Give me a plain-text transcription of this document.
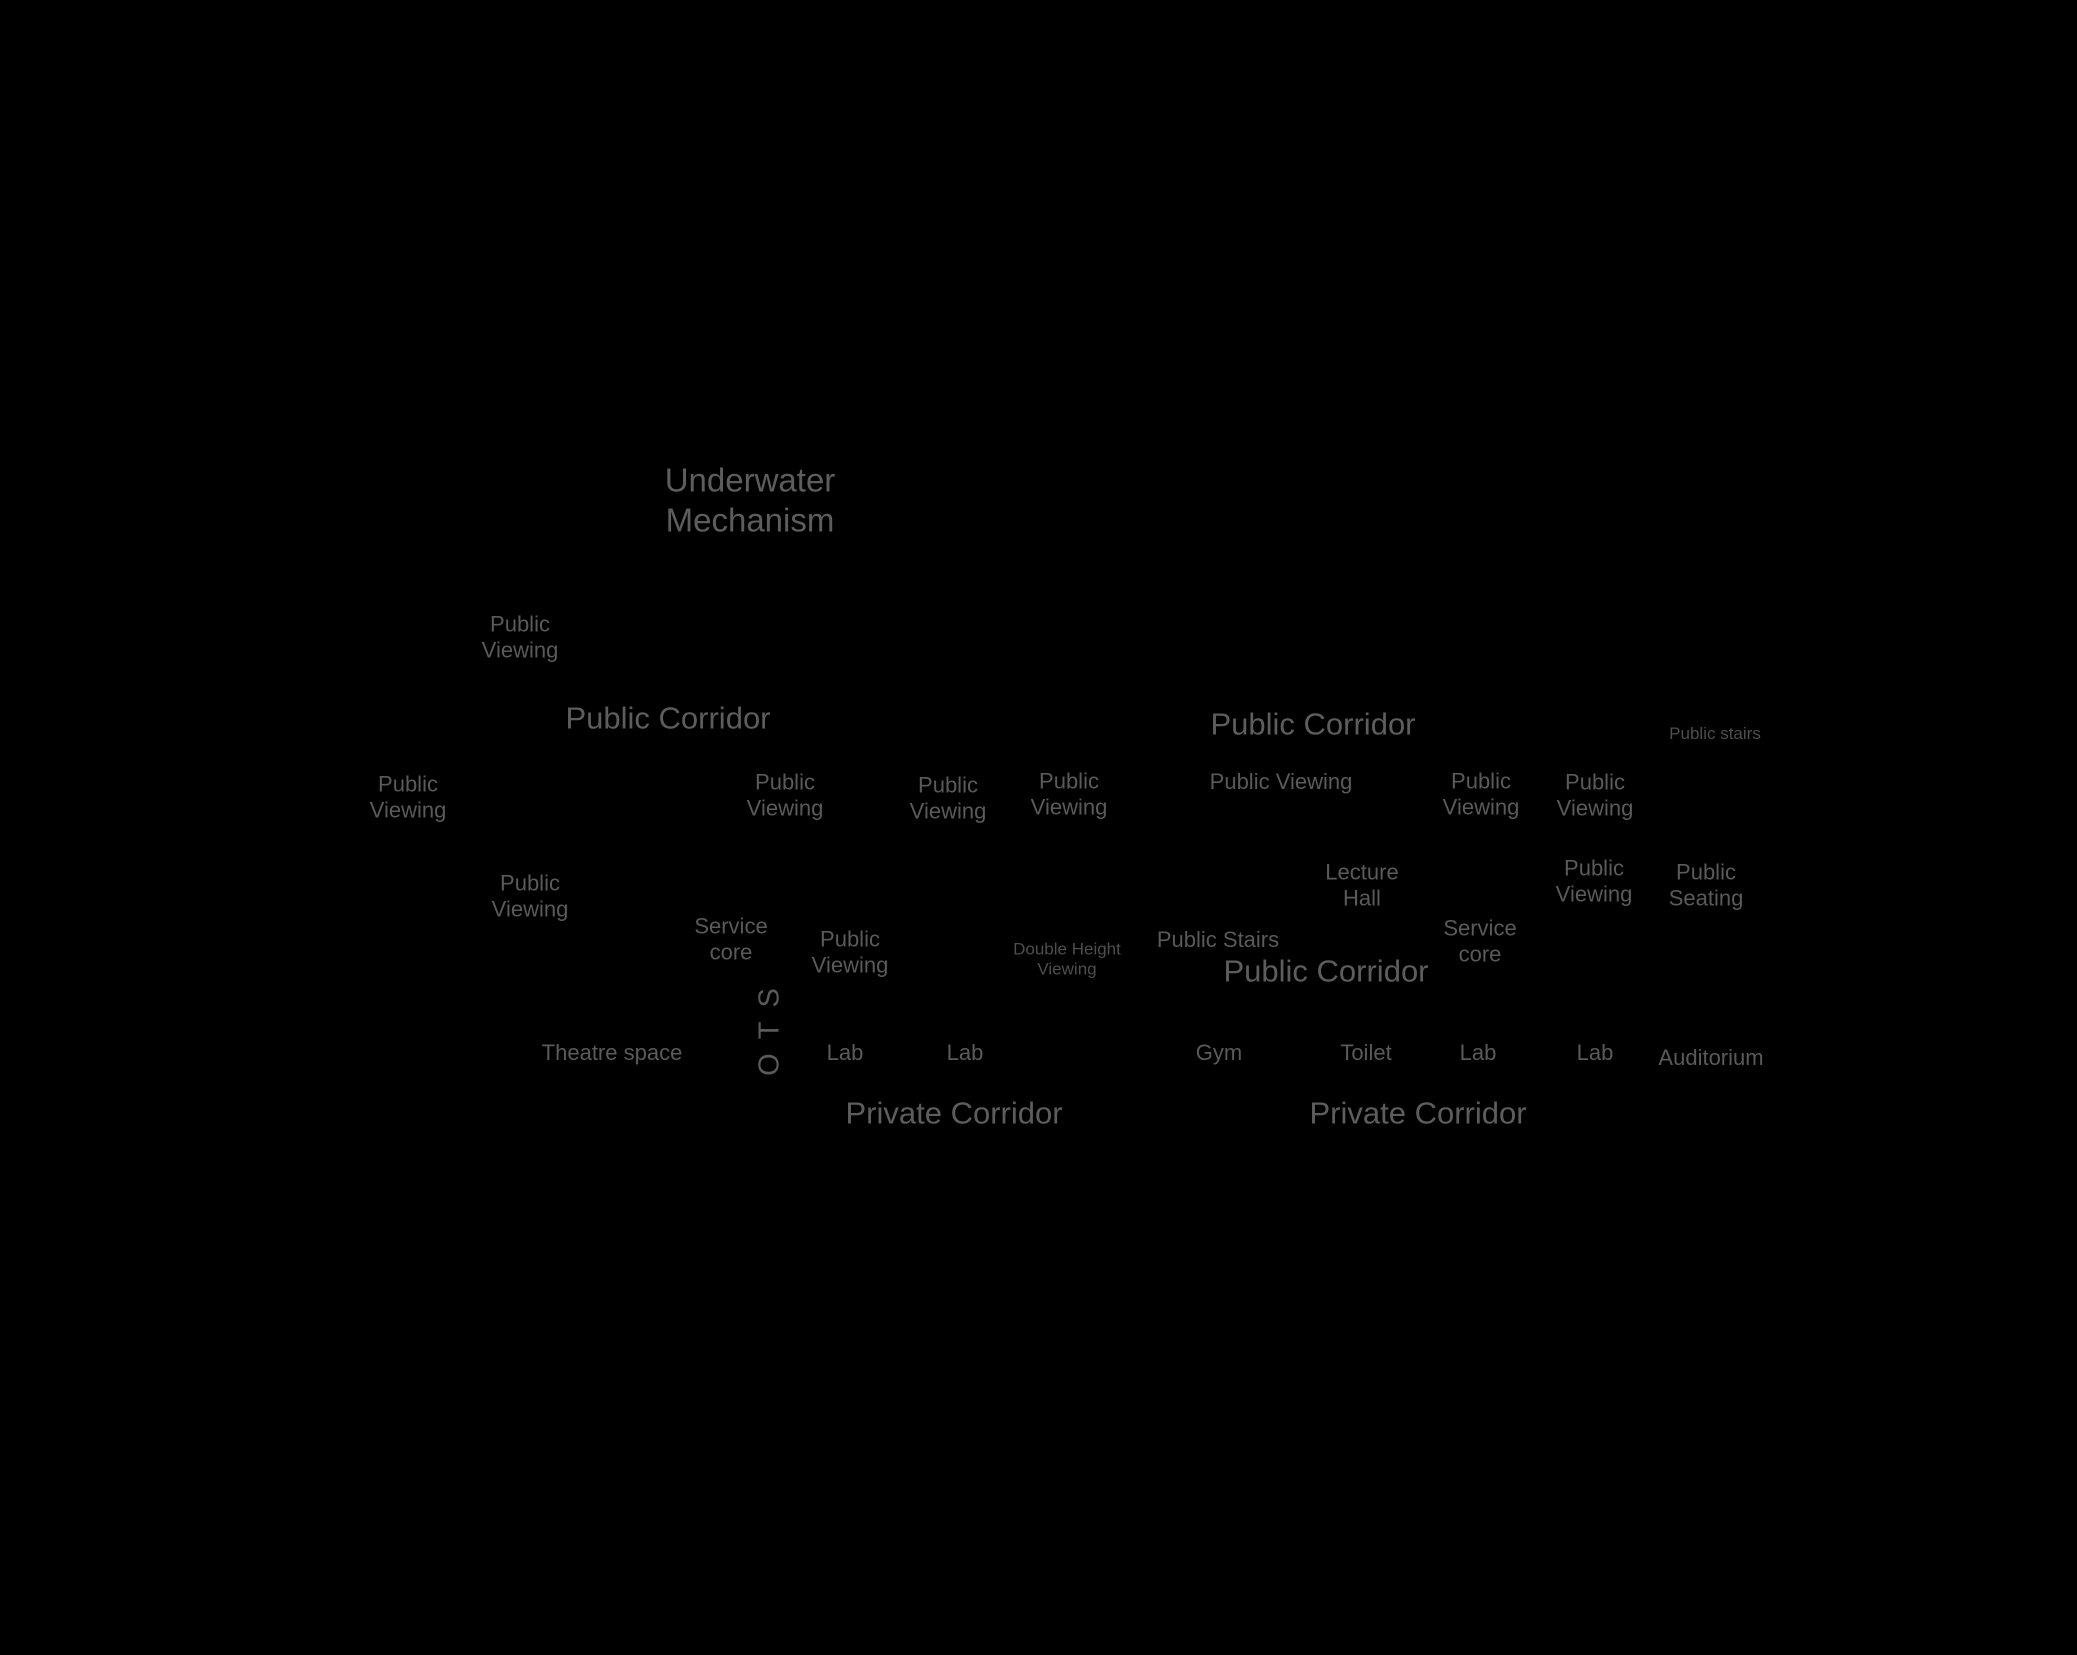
Underwater
Mechanism
Public
Viewing
Public Corridor	Public Corridor	Public stairs
Public
Viewing
Public
Viewing
Public
Viewing
Public
Viewing
Public Viewing	Public
Viewing
Public
Viewing
Public
Viewing
Lecture
Hall
Public
Viewing
Public
Seating
Service
core
Public
Viewing
Double Height
Viewing
Public Stairs
Public Corridor
Service
core
OTS
Theatre space	Lab	Lab	Gym	Toilet	Lab	Lab Auditorium
Private Corridor	Private Corridor
